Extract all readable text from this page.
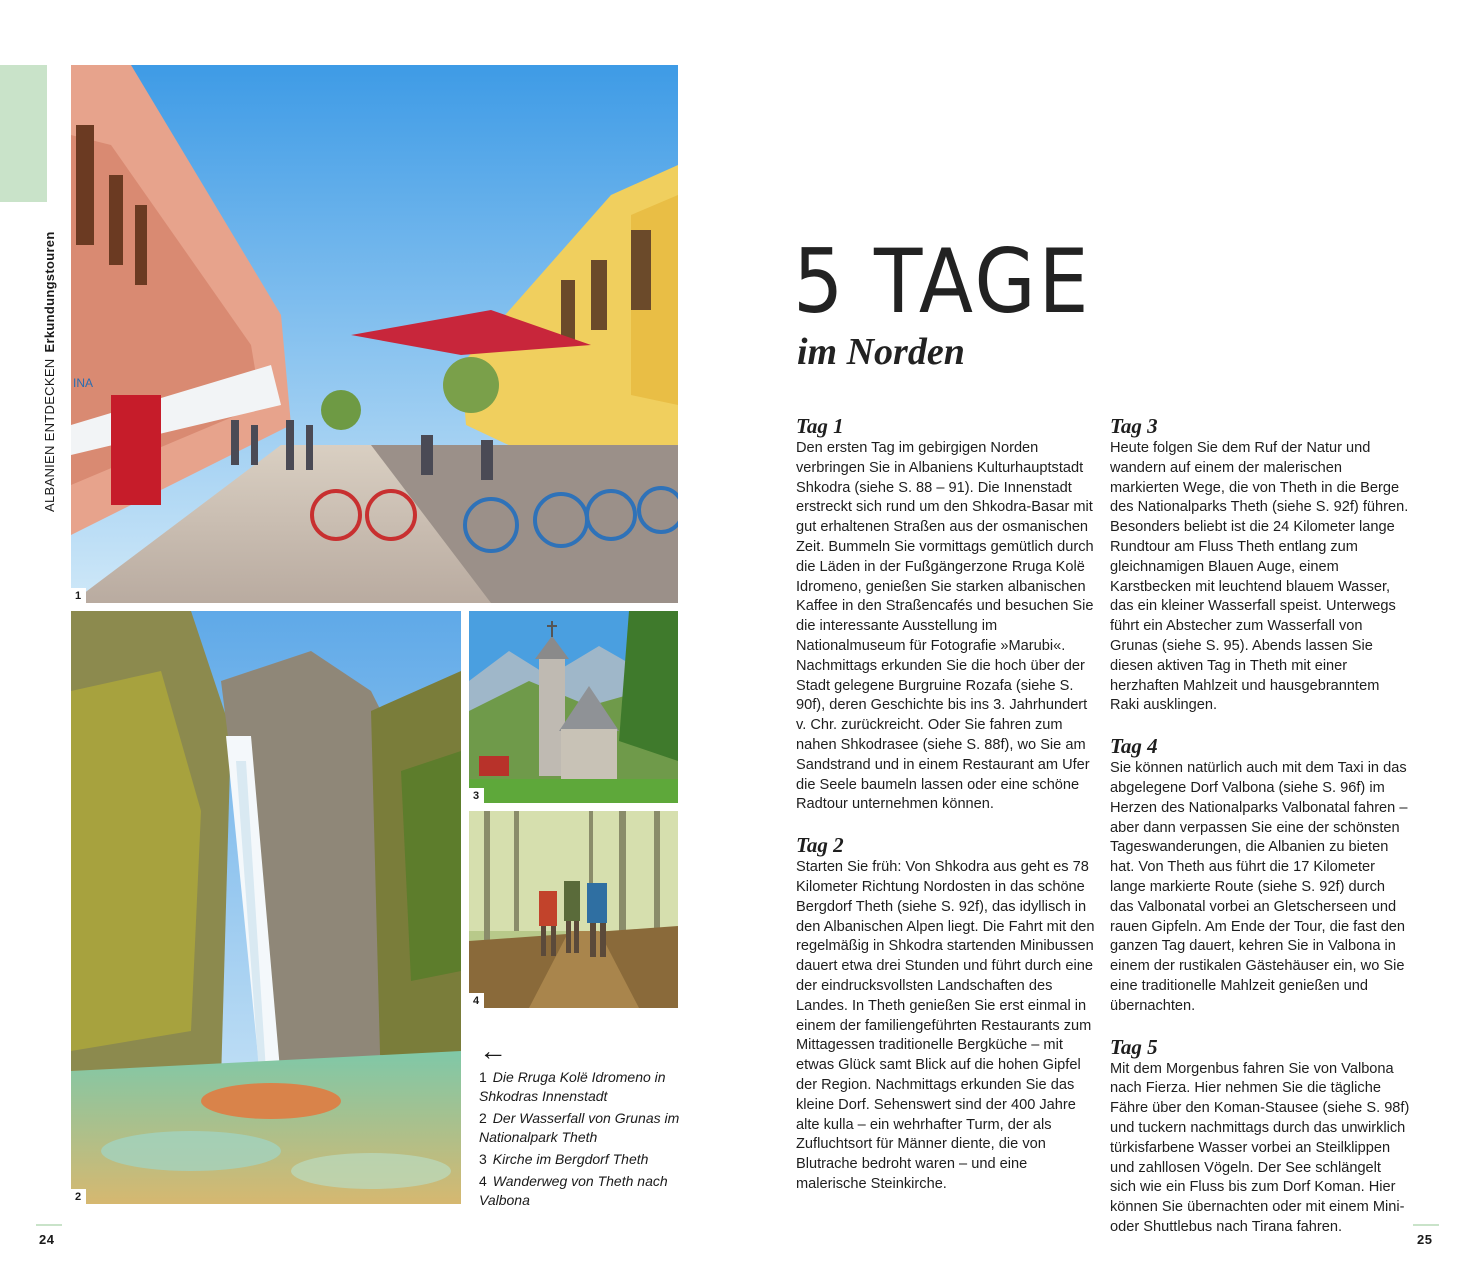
ALBANIEN ENTDECKENErkundungstouren
INA
1
2
3
4
←

1 Die Rruga Kolë Idromeno in Shkodras Innenstadt

2 Der Wasserfall von Grunas im Nationalpark Theth

3 Kirche im Bergdorf Theth

4 Wanderweg von Theth nach Valbona

5 TAGE
im Norden
Tag 1

Den ersten Tag im gebirgigen Norden verbringen Sie in Albaniens Kulturhauptstadt Shkodra (siehe S. 88 – 91). Die Innenstadt erstreckt sich rund um den Shkodra-Basar mit gut erhaltenen Straßen aus der osmanischen Zeit. Bummeln Sie vormittags gemütlich durch die Läden in der Fußgängerzone Rruga Kolë Idromeno, genießen Sie starken albanischen Kaffee in den Straßencafés und besuchen Sie die interessante Ausstellung im Nationalmuseum für Fotografie »Marubi«. Nachmittags erkunden Sie die hoch über der Stadt gelegene Burgruine Rozafa (siehe S. 90f), deren Geschichte bis ins 3. Jahrhundert v. Chr. zurückreicht. Oder Sie fahren zum nahen Shkodrasee (siehe S. 88f), wo Sie am Sandstrand und in einem Restaurant am Ufer die Seele baumeln lassen oder eine schöne Radtour unternehmen können.

Tag 2

Starten Sie früh: Von Shkodra aus geht es 78 Kilometer Richtung Nordosten in das schöne Bergdorf Theth (siehe S. 92f), das idyllisch in den Albanischen Alpen liegt. Die Fahrt mit den regelmäßig in Shkodra startenden Minibussen dauert etwa drei Stunden und führt durch eine der eindrucksvollsten Landschaften des Landes. In Theth genießen Sie erst einmal in einem der familiengeführten Restaurants zum Mittagessen traditionelle Bergküche – mit etwas Glück samt Blick auf die hohen Gipfel der Region. Nachmittags erkunden Sie das kleine Dorf. Sehenswert sind der 400 Jahre alte kulla – ein wehrhafter Turm, der als Zufluchtsort für Männer diente, die von Blutrache bedroht waren – und eine malerische Steinkirche.

Tag 3

Heute folgen Sie dem Ruf der Natur und wandern auf einem der malerischen markierten Wege, die von Theth in die Berge des Nationalparks Theth (siehe S. 92f) führen. Besonders beliebt ist die 24 Kilometer lange Rundtour am Fluss Theth entlang zum gleichnamigen Blauen Auge, einem Karstbecken mit leuchtend blauem Wasser, das ein kleiner Wasserfall speist. Unterwegs führt ein Abstecher zum Wasserfall von Grunas (siehe S. 95). Abends lassen Sie diesen aktiven Tag in Theth mit einer herzhaften Mahlzeit und hausgebranntem Raki ausklingen.

Tag 4

Sie können natürlich auch mit dem Taxi in das abgelegene Dorf Valbona (siehe S. 96f) im Herzen des Nationalparks Valbonatal fahren – aber dann verpassen Sie eine der schönsten Tageswanderungen, die Albanien zu bieten hat. Von Theth aus führt die 17 Kilometer lange markierte Route (siehe S. 92f) durch das Valbonatal vorbei an Gletscherseen und rauen Gipfeln. Am Ende der Tour, die fast den ganzen Tag dauert, kehren Sie in Valbona in einem der rustikalen Gästehäuser ein, wo Sie eine traditionelle Mahlzeit genießen und übernachten.

Tag 5

Mit dem Morgenbus fahren Sie von Valbona nach Fierza. Hier nehmen Sie die tägliche Fähre über den Koman-Stausee (siehe S. 98f) und tuckern nachmittags durch das unwirklich türkisfarbene Wasser vorbei an Steilklippen und zahllosen Vögeln. Der See schlängelt sich wie ein Fluss bis zum Dorf Koman. Hier können Sie übernachten oder mit einem Mini- oder Shuttlebus nach Tirana fahren.

24	25
